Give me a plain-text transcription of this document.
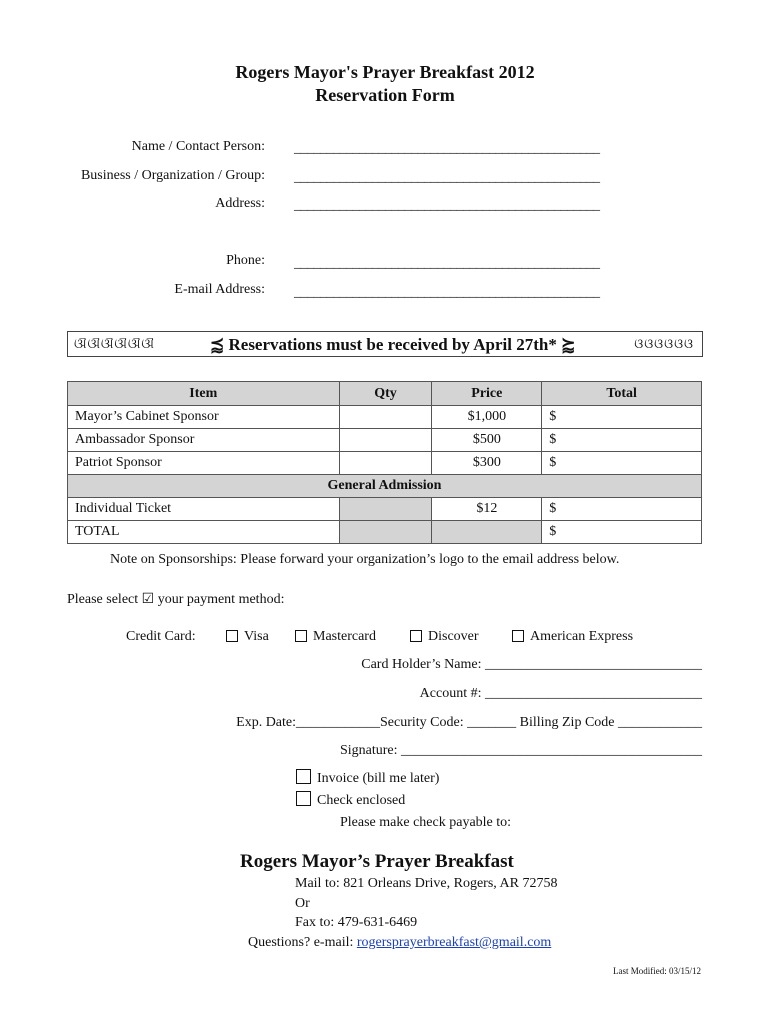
Rogers Mayor's Prayer Breakfast 2012
Reservation Form
Name / Contact Person: _______________________________________________
Business / Organization / Group: _______________________________________________
Address: _______________________________________________
Phone: _______________________________________________
E-mail Address: _______________________________________________
ଔଔଔଔଔଔ	⪷ Reservations must be received by April 27th* ⪸	ଓଓଓଓଓଓ
Item	Qty	Price	Total
Mayor’s Cabinet Sponsor		$1,000	$
Ambassador Sponsor		$500	$
Patriot Sponsor		$300	$
General Admission			
Individual Ticket		$12	$
TOTAL			$
Note on Sponsorships: Please forward your organization’s logo to the email address below.
Please select ☑ your payment method:
Credit Card:	Visa	Mastercard	Discover	American Express
Card Holder’s Name: _______________________________
Account #: _______________________________
Exp. Date:____________Security Code: _______ Billing Zip Code ____________
Signature: ___________________________________________
Invoice (bill me later)
Check enclosed
Please make check payable to:
Rogers Mayor’s Prayer Breakfast
Mail to: 821 Orleans Drive, Rogers, AR 72758
Or
Fax to: 479-631-6469
Questions? e-mail: rogersprayerbreakfast@gmail.com
Last Modified: 03/15/12
